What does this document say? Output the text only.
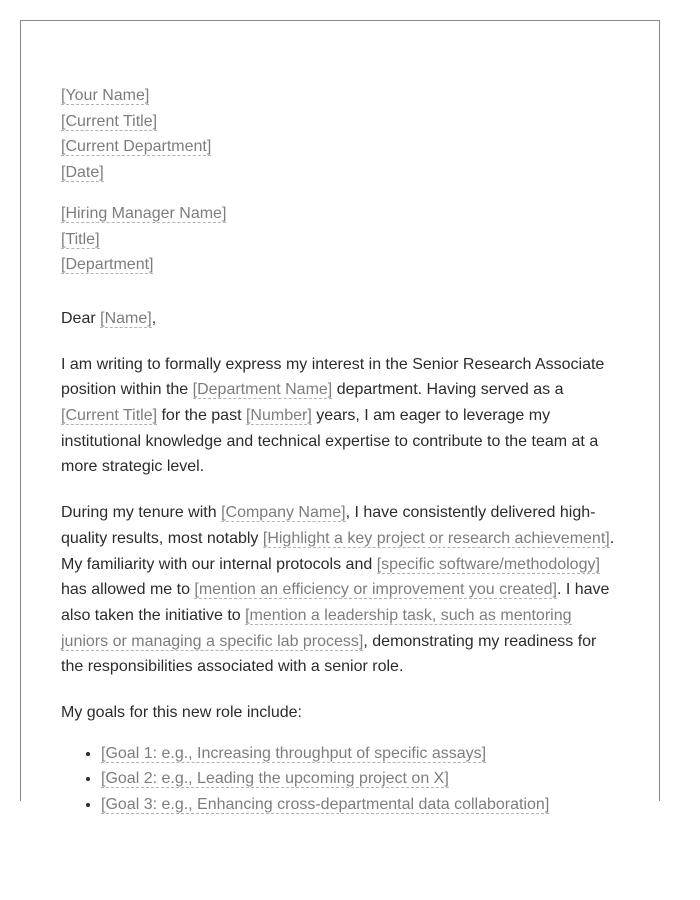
[Your Name]
[Current Title]
[Current Department]
[Date]
[Hiring Manager Name]
[Title]
[Department]

Dear [Name],

I am writing to formally express my interest in the Senior Research Associate position within the [Department Name] department. Having served as a [Current Title] for the past [Number] years, I am eager to leverage my institutional knowledge and technical expertise to contribute to the team at a more strategic level.

During my tenure with [Company Name], I have consistently delivered high-quality results, most notably [Highlight a key project or research achievement]. My familiarity with our internal protocols and [specific software/methodology] has allowed me to [mention an efficiency or improvement you created]. I have also taken the initiative to [mention a leadership task, such as mentoring juniors or managing a specific lab process], demonstrating my readiness for the responsibilities associated with a senior role.

My goals for this new role include:

• [Goal 1: e.g., Increasing throughput of specific assays]
• [Goal 2: e.g., Leading the upcoming project on X]
• [Goal 3: e.g., Enhancing cross-departmental data collaboration]
